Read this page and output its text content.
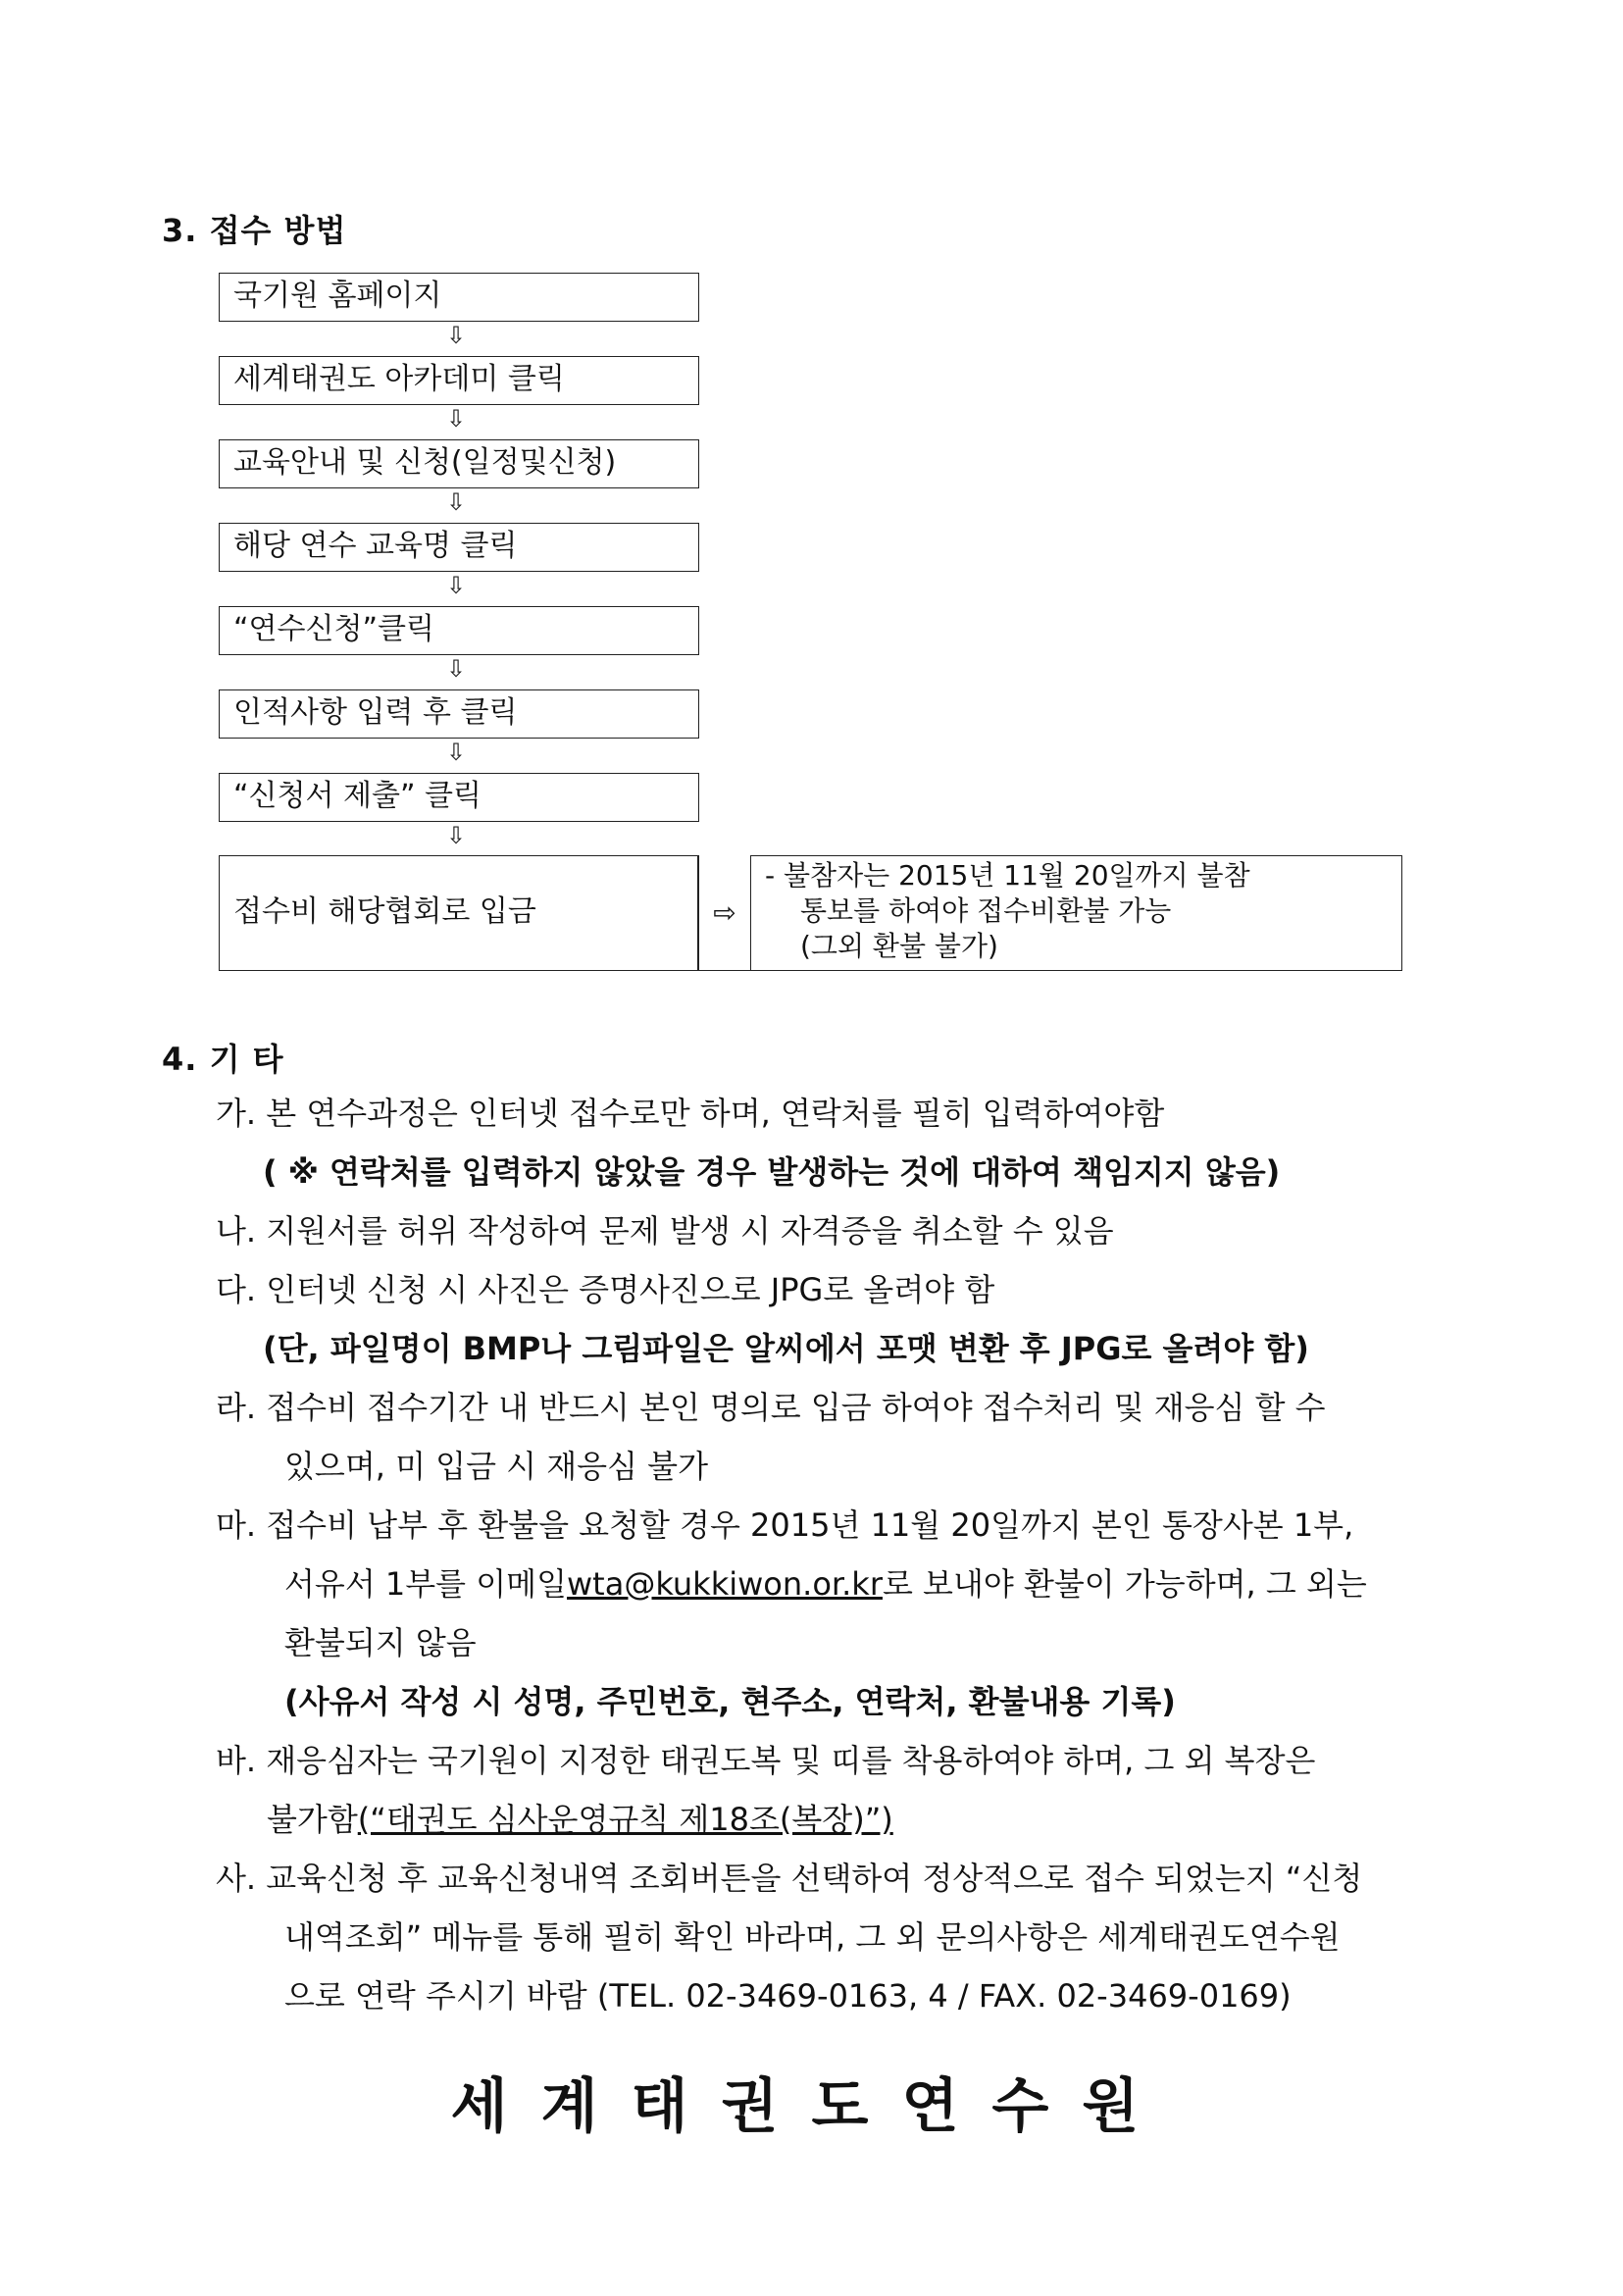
3. 접수 방법
국기원 홈페이지
⇩
세계태권도 아카데미 클릭
⇩
교육안내 및 신청(일정및신청)
⇩
해당 연수 교육명 클릭
⇩
“연수신청”클릭
⇩
인적사항 입력 후 클릭
⇩
“신청서 제출” 클릭
⇩
접수비 해당협회로 입금	⇨
- 불참자는 2015년 11월 20일까지 불참
통보를 하여야 접수비환불 가능
(그외 환불 불가)
4. 기 타
가. 본 연수과정은 인터넷 접수로만 하며, 연락처를 필히 입력하여야함
( ※ 연락처를 입력하지 않았을 경우 발생하는 것에 대하여 책임지지 않음)
나. 지원서를 허위 작성하여 문제 발생 시 자격증을 취소할 수 있음
다. 인터넷 신청 시 사진은 증명사진으로 JPG로 올려야 함
(단, 파일명이 BMP나 그림파일은 알씨에서 포맷 변환 후 JPG로 올려야 함)
라. 접수비 접수기간 내 반드시 본인 명의로 입금 하여야 접수처리 및 재응심 할 수
있으며, 미 입금 시 재응심 불가
마. 접수비 납부 후 환불을 요청할 경우 2015년 11월 20일까지 본인 통장사본 1부,
서유서 1부를 이메일wta@kukkiwon.or.kr로 보내야 환불이 가능하며, 그 외는
환불되지 않음
(사유서 작성 시 성명, 주민번호, 현주소, 연락처, 환불내용 기록)
바. 재응심자는 국기원이 지정한 태권도복 및 띠를 착용하여야 하며, 그 외 복장은
불가함(“태권도 심사운영규칙 제18조(복장)”)
사. 교육신청 후 교육신청내역 조회버튼을 선택하여 정상적으로 접수 되었는지 “신청
내역조회” 메뉴를 통해 필히 확인 바라며, 그 외 문의사항은 세계태권도연수원
으로 연락 주시기 바람 (TEL. 02-3469-0163, 4 / FAX. 02-3469-0169)
세계태권도연수원
